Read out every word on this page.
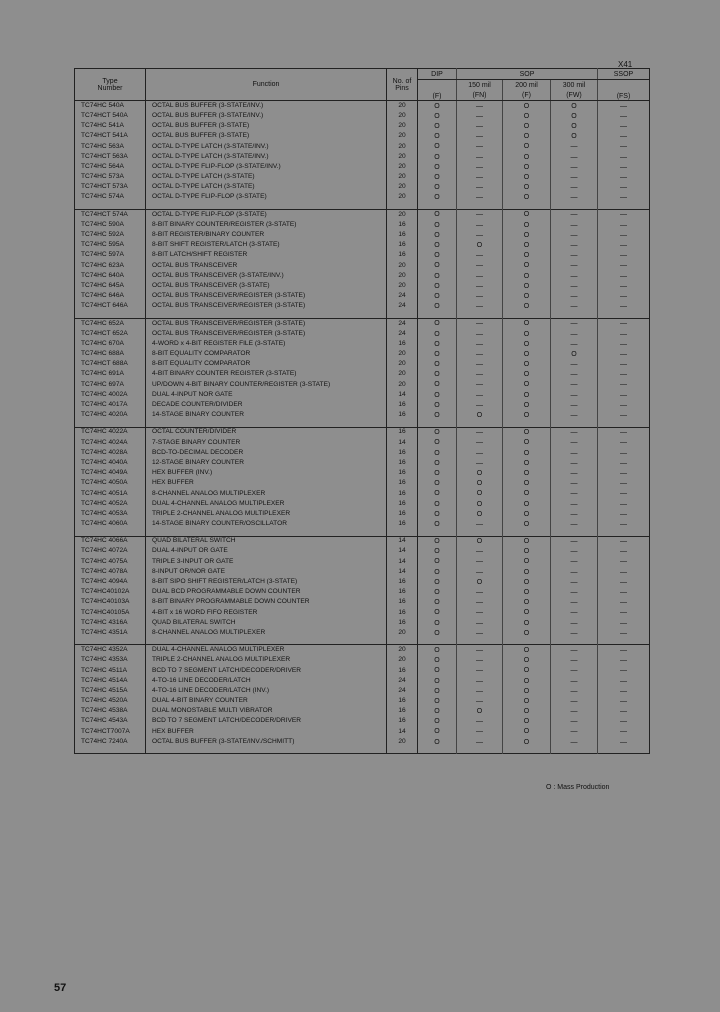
X41
Type
Number	Function	No. of
Pins	DIP	SOP			SSOP
			(F)	150 mil	200 mil	300 mil	(FS)
				(FN)	(F)	(FW)	
TC74HC 540A	OCTAL BUS BUFFER (3-STATE/INV.)	20	O	—	O	O	—
TC74HCT 540A	OCTAL BUS BUFFER (3-STATE/INV.)	20	O	—	O	O	—
TC74HC 541A	OCTAL BUS BUFFER (3-STATE)	20	O	—	O	O	—
TC74HCT 541A	OCTAL BUS BUFFER (3-STATE)	20	O	—	O	O	—
TC74HC 563A	OCTAL D-TYPE LATCH (3-STATE/INV.)	20	O	—	O	—	—
TC74HCT 563A	OCTAL D-TYPE LATCH (3-STATE/INV.)	20	O	—	O	—	—
TC74HC 564A	OCTAL D-TYPE FLIP-FLOP (3-STATE/INV.)	20	O	—	O	—	—
TC74HC 573A	OCTAL D-TYPE LATCH (3-STATE)	20	O	—	O	—	—
TC74HCT 573A	OCTAL D-TYPE LATCH (3-STATE)	20	O	—	O	—	—
TC74HC 574A	OCTAL D-TYPE FLIP-FLOP (3-STATE)	20	O	—	O	—	—

TC74HCT 574A	OCTAL D-TYPE FLIP-FLOP (3-STATE)	20	O	—	O	—	—
TC74HC 590A	8-BIT BINARY COUNTER/REGISTER (3-STATE)	16	O	—	O	—	—
TC74HC 592A	8-BIT REGISTER/BINARY COUNTER	16	O	—	O	—	—
TC74HC 595A	8-BIT SHIFT REGISTER/LATCH (3-STATE)	16	O	O	O	—	—
TC74HC 597A	8-BIT LATCH/SHIFT REGISTER	16	O	—	O	—	—
TC74HC 623A	OCTAL BUS TRANSCEIVER	20	O	—	O	—	—
TC74HC 640A	OCTAL BUS TRANSCEIVER (3-STATE/INV.)	20	O	—	O	—	—
TC74HC 645A	OCTAL BUS TRANSCEIVER (3-STATE)	20	O	—	O	—	—
TC74HC 646A	OCTAL BUS TRANSCEIVER/REGISTER (3-STATE)	24	O	—	O	—	—
TC74HCT 646A	OCTAL BUS TRANSCEIVER/REGISTER (3-STATE)	24	O	—	O	—	—

TC74HC 652A	OCTAL BUS TRANSCEIVER/REGISTER (3-STATE)	24	O	—	O	—	—
TC74HCT 652A	OCTAL BUS TRANSCEIVER/REGISTER (3-STATE)	24	O	—	O	—	—
TC74HC 670A	4-WORD x 4-BIT REGISTER FILE (3-STATE)	16	O	—	O	—	—
TC74HC 688A	8-BIT EQUALITY COMPARATOR	20	O	—	O	O	—
TC74HCT 688A	8-BIT EQUALITY COMPARATOR	20	O	—	O	—	—
TC74HC 691A	4-BIT BINARY COUNTER REGISTER (3-STATE)	20	O	—	O	—	—
TC74HC 697A	UP/DOWN 4-BIT BINARY COUNTER/REGISTER (3-STATE)	20	O	—	O	—	—
TC74HC 4002A	DUAL 4-INPUT NOR GATE	14	O	—	O	—	—
TC74HC 4017A	DECADE COUNTER/DIVIDER	16	O	—	O	—	—
TC74HC 4020A	14-STAGE BINARY COUNTER	16	O	O	O	—	—

TC74HC 4022A	OCTAL COUNTER/DIVIDER	16	O	—	O	—	—
TC74HC 4024A	7-STAGE BINARY COUNTER	14	O	—	O	—	—
TC74HC 4028A	BCD-TO-DECIMAL DECODER	16	O	—	O	—	—
TC74HC 4040A	12-STAGE BINARY COUNTER	16	O	—	O	—	—
TC74HC 4049A	HEX BUFFER (INV.)	16	O	O	O	—	—
TC74HC 4050A	HEX BUFFER	16	O	O	O	—	—
TC74HC 4051A	8-CHANNEL ANALOG MULTIPLEXER	16	O	O	O	—	—
TC74HC 4052A	DUAL 4-CHANNEL ANALOG MULTIPLEXER	16	O	O	O	—	—
TC74HC 4053A	TRIPLE 2-CHANNEL ANALOG MULTIPLEXER	16	O	O	O	—	—
TC74HC 4060A	14-STAGE BINARY COUNTER/OSCILLATOR	16	O	—	O	—	—

TC74HC 4066A	QUAD BILATERAL SWITCH	14	O	O	O	—	—
TC74HC 4072A	DUAL 4-INPUT OR GATE	14	O	—	O	—	—
TC74HC 4075A	TRIPLE 3-INPUT OR GATE	14	O	—	O	—	—
TC74HC 4078A	8-INPUT OR/NOR GATE	14	O	—	O	—	—
TC74HC 4094A	8-BIT SIPO SHIFT REGISTER/LATCH (3-STATE)	16	O	O	O	—	—
TC74HC40102A	DUAL BCD PROGRAMMABLE DOWN COUNTER	16	O	—	O	—	—
TC74HC40103A	8-BIT BINARY PROGRAMMABLE DOWN COUNTER	16	O	—	O	—	—
TC74HC40105A	4-BIT x 16 WORD FIFO REGISTER	16	O	—	O	—	—
TC74HC 4316A	QUAD BILATERAL SWITCH	16	O	—	O	—	—
TC74HC 4351A	8-CHANNEL ANALOG MULTIPLEXER	20	O	—	O	—	—

TC74HC 4352A	DUAL 4-CHANNEL ANALOG MULTIPLEXER	20	O	—	O	—	—
TC74HC 4353A	TRIPLE 2-CHANNEL ANALOG MULTIPLEXER	20	O	—	O	—	—
TC74HC 4511A	BCD TO 7 SEGMENT LATCH/DECODER/DRIVER	16	O	—	O	—	—
TC74HC 4514A	4-TO-16 LINE DECODER/LATCH	24	O	—	O	—	—
TC74HC 4515A	4-TO-16 LINE DECODER/LATCH (INV.)	24	O	—	O	—	—
TC74HC 4520A	DUAL 4-BIT BINARY COUNTER	16	O	—	O	—	—
TC74HC 4538A	DUAL MONOSTABLE MULTI VIBRATOR	16	O	O	O	—	—
TC74HC 4543A	BCD TO 7 SEGMENT LATCH/DECODER/DRIVER	16	O	—	O	—	—
TC74HCT7007A	HEX BUFFER	14	O	—	O	—	—
TC74HC 7240A	OCTAL BUS BUFFER (3-STATE/INV./SCHMITT)	20	O	—	O	—	—

O : Mass Production
57
